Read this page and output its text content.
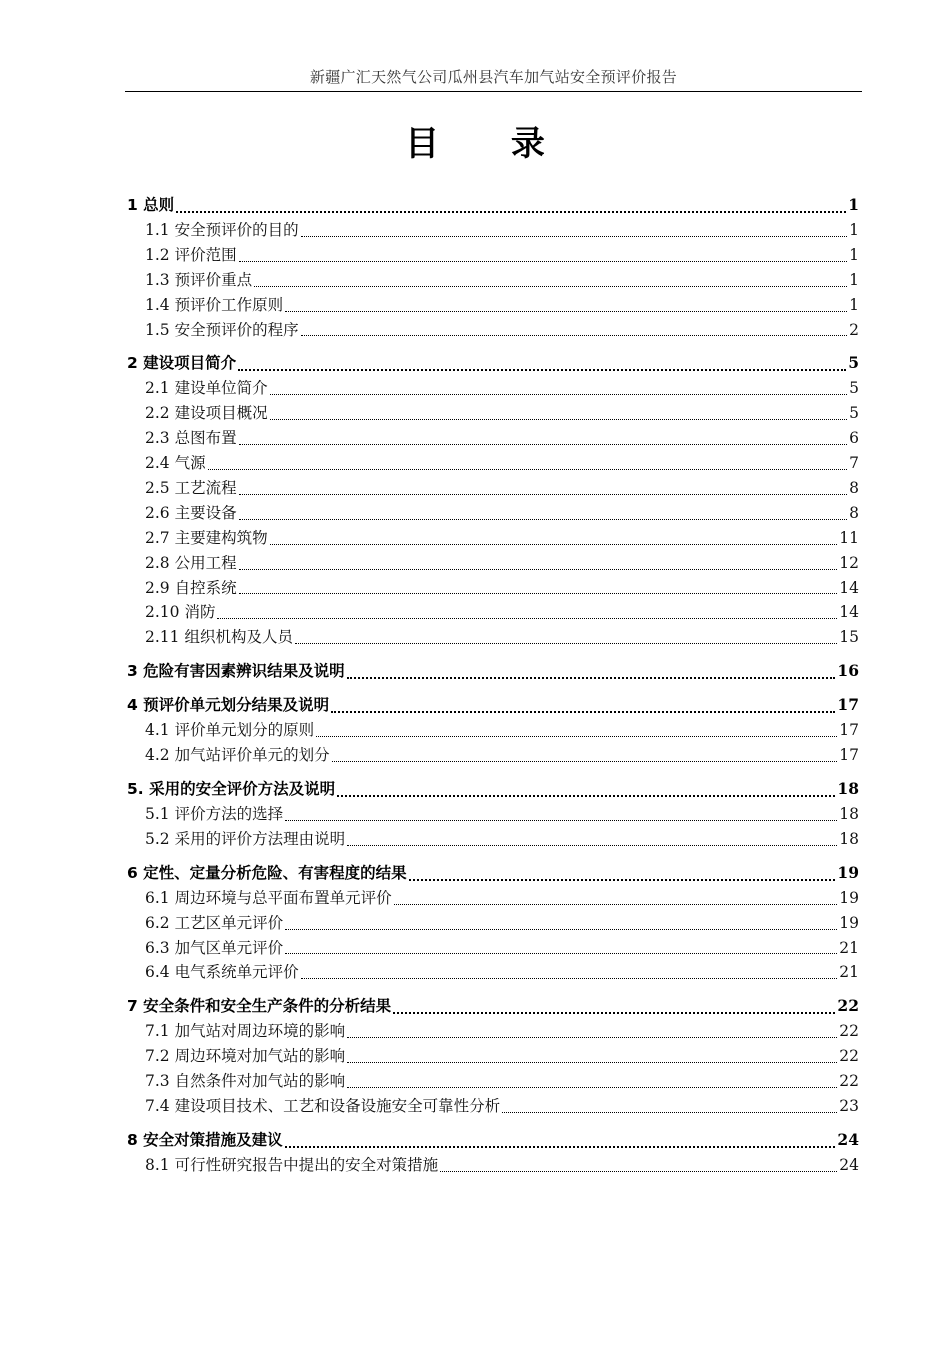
新疆广汇天然气公司瓜州县汽车加气站安全预评价报告
目 录
1 总则	1
1.1 安全预评价的目的	1
1.2 评价范围	1
1.3 预评价重点	1
1.4 预评价工作原则	1
1.5 安全预评价的程序	2
2 建设项目简介	5
2.1 建设单位简介	5
2.2 建设项目概况	5
2.3 总图布置	6
2.4 气源	7
2.5 工艺流程	8
2.6 主要设备	8
2.7 主要建构筑物	11
2.8 公用工程	12
2.9 自控系统	14
2.10 消防	14
2.11 组织机构及人员	15
3 危险有害因素辨识结果及说明	16
4 预评价单元划分结果及说明	17
4.1 评价单元划分的原则	17
4.2 加气站评价单元的划分	17
5. 采用的安全评价方法及说明	18
5.1 评价方法的选择	18
5.2 采用的评价方法理由说明	18
6 定性、定量分析危险、有害程度的结果	19
6.1 周边环境与总平面布置单元评价	19
6.2 工艺区单元评价	19
6.3 加气区单元评价	21
6.4 电气系统单元评价	21
7 安全条件和安全生产条件的分析结果	22
7.1 加气站对周边环境的影响	22
7.2 周边环境对加气站的影响	22
7.3 自然条件对加气站的影响	22
7.4 建设项目技术、工艺和设备设施安全可靠性分析	23
8 安全对策措施及建议	24
8.1 可行性研究报告中提出的安全对策措施	24
